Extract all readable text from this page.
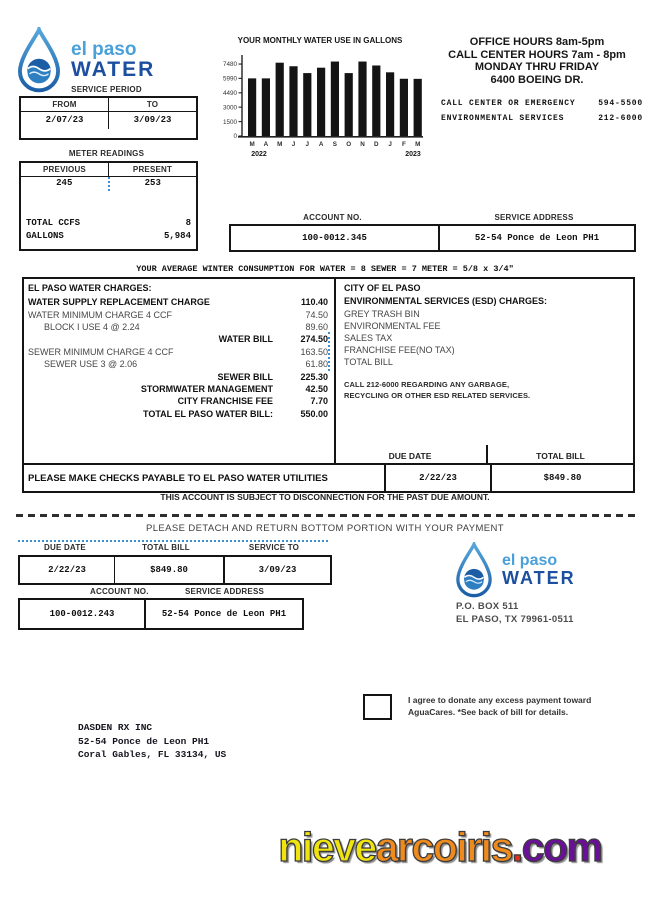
el paso
WATER
YOUR MONTHLY WATER USE IN GALLONS
0
1500
3000
4490
5990
7480
M A M J J A S O N D J F M
2022	2023
OFFICE HOURS 8am-5pm
CALL CENTER HOURS 7am - 8pm
MONDAY THRU FRIDAY
6400 BOEING DR.
CALL CENTER OR EMERGENCY	594-5500
ENVIRONMENTAL SERVICES	212-6000
SERVICE PERIOD
FROM	TO
2/07/23	3/09/23
METER READINGS
PREVIOUS	PRESENT
245	253
TOTAL CCFS	8
GALLONS	5,984
ACCOUNT NO.	SERVICE ADDRESS
100-0012.345	52-54 Ponce de Leon PH1
YOUR AVERAGE WINTER CONSUMPTION FOR WATER = 8 SEWER = 7 METER = 5/8 x 3/4"
EL PASO WATER CHARGES:
WATER SUPPLY REPLACEMENT CHARGE	110.40
WATER MINIMUM CHARGE 4 CCF	74.50
BLOCK I USE 4 @ 2.24	89.60
WATER BILL	274.50
SEWER MINIMUM CHARGE 4 CCF	163.50
SEWER USE 3 @ 2.06	61.80
SEWER BILL	225.30
STORMWATER MANAGEMENT	42.50
CITY FRANCHISE FEE	7.70
TOTAL EL PASO WATER BILL:	550.00
CITY OF EL PASO
ENVIRONMENTAL SERVICES (ESD) CHARGES:
GREY TRASH BIN
ENVIRONMENTAL FEE
SALES TAX
FRANCHISE FEE(NO TAX)
TOTAL BILL
CALL 212-6000 REGARDING ANY GARBAGE,
RECYCLING OR OTHER ESD RELATED SERVICES.
DUE DATE	TOTAL BILL
PLEASE MAKE CHECKS PAYABLE TO EL PASO WATER UTILITIES	2/22/23	$849.80
THIS ACCOUNT IS SUBJECT TO DISCONNECTION FOR THE PAST DUE AMOUNT.
PLEASE DETACH AND RETURN BOTTOM PORTION WITH YOUR PAYMENT
DUE DATE	TOTAL BILL	SERVICE TO
2/22/23	$849.80	3/09/23
ACCOUNT NO.	SERVICE ADDRESS
100-0012.243	52-54 Ponce de Leon PH1
el paso
WATER
P.O. BOX 511
EL PASO, TX 79961-0511
I agree to donate any excess payment toward
AguaCares. *See back of bill for details.
DASDEN RX INC
52-54 Ponce de Leon PH1
Coral Gables, FL 33134, US
nievearcoiris.com
